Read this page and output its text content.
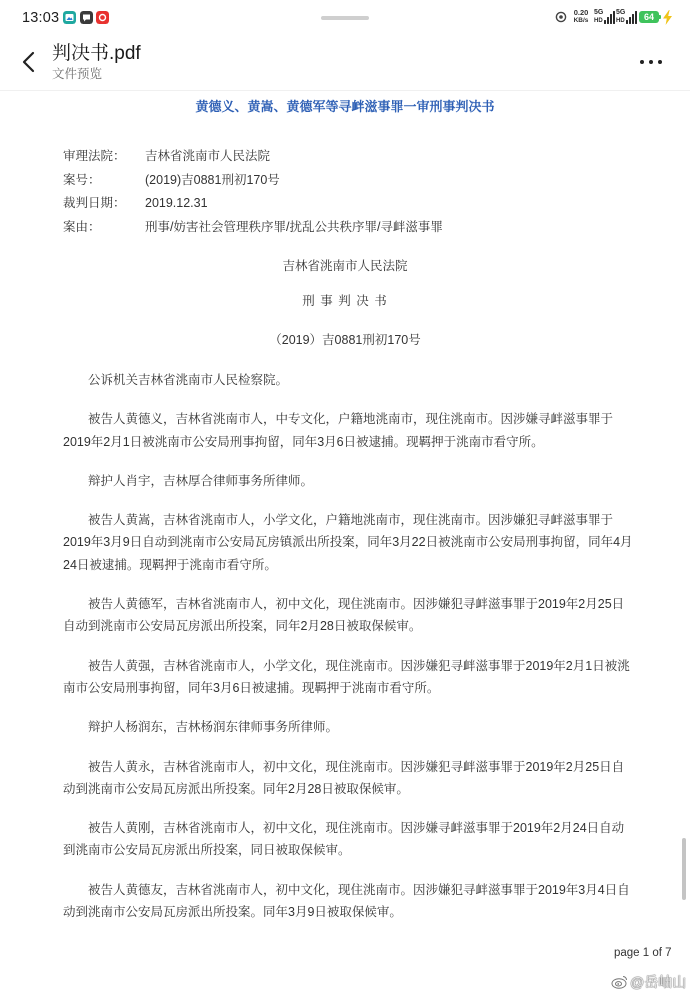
13:03	0.20
KB/s
5G
HD
5G
HD	64
判决书.pdf
文件预览
黄德义、黄嵩、黄德军等寻衅滋事罪一审刑事判决书
审理法院：	吉林省洮南市人民法院
案号：	(2019)吉0881刑初170号
裁判日期：	2019.12.31
案由：	刑事/妨害社会管理秩序罪/扰乱公共秩序罪/寻衅滋事罪
吉林省洮南市人民法院
刑 事 判 决 书
（2019）吉0881刑初170号

公诉机关吉林省洮南市人民检察院。

被告人黄德义，吉林省洮南市人，中专文化，户籍地洮南市，现住洮南市。因涉嫌寻衅滋事罪于2019年2月1日被洮南市公安局刑事拘留，同年3月6日被逮捕。现羁押于洮南市看守所。

辩护人肖宇，吉林厚合律师事务所律师。

被告人黄嵩，吉林省洮南市人，小学文化，户籍地洮南市，现住洮南市。因涉嫌犯寻衅滋事罪于2019年3月9日自动到洮南市公安局瓦房镇派出所投案，同年3月22日被洮南市公安局刑事拘留，同年4月24日被逮捕。现羁押于洮南市看守所。

被告人黄德军，吉林省洮南市人，初中文化，现住洮南市。因涉嫌犯寻衅滋事罪于2019年2月25日自动到洮南市公安局瓦房派出所投案，同年2月28日被取保候审。

被告人黄强，吉林省洮南市人，小学文化，现住洮南市。因涉嫌犯寻衅滋事罪于2019年2月1日被洮南市公安局刑事拘留，同年3月6日被逮捕。现羁押于洮南市看守所。

辩护人杨润东，吉林杨润东律师事务所律师。

被告人黄永，吉林省洮南市人，初中文化，现住洮南市。因涉嫌犯寻衅滋事罪于2019年2月25日自动到洮南市公安局瓦房派出所投案。同年2月28日被取保候审。

被告人黄刚，吉林省洮南市人，初中文化，现住洮南市。因涉嫌寻衅滋事罪于2019年2月24日自动到洮南市公安局瓦房派出所投案，同日被取保候审。

被告人黄德友，吉林省洮南市人，初中文化，现住洮南市。因涉嫌犯寻衅滋事罪于2019年3月4日自动到洮南市公安局瓦房派出所投案。同年3月9日被取保候审。

page 1 of 7
@岳岫山
